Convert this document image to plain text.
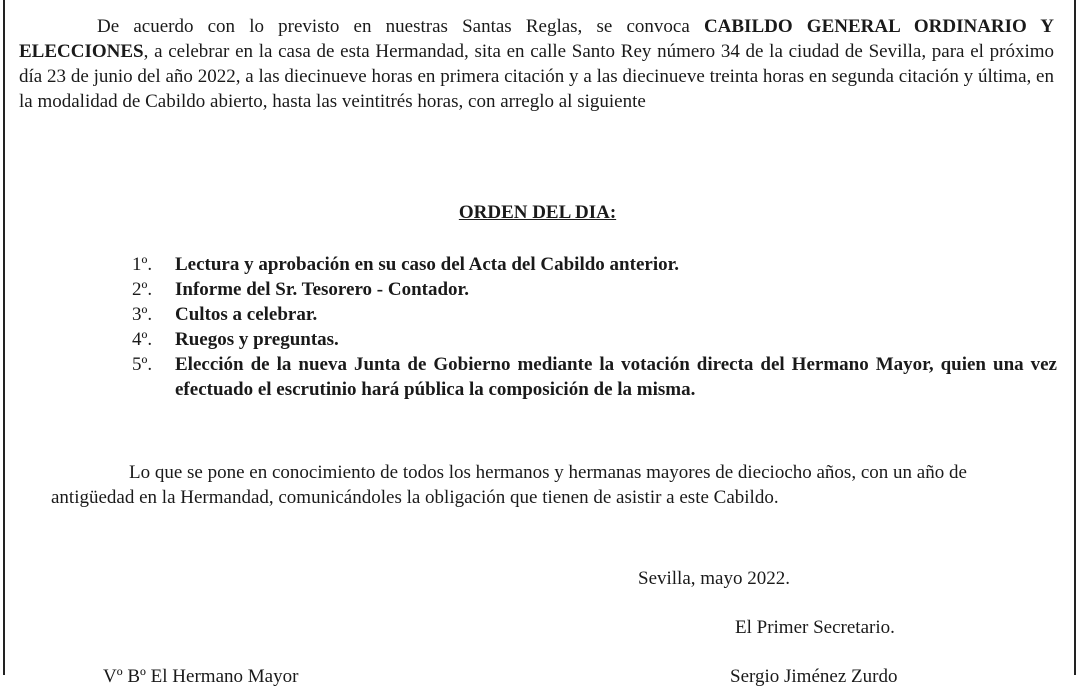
De acuerdo con lo previsto en nuestras Santas Reglas, se convoca CABILDO GENERAL ORDINARIO Y ELECCIONES, a celebrar en la casa de esta Hermandad, sita en calle Santo Rey número 34 de la ciudad de Sevilla, para el próximo día 23 de junio del año 2022, a las diecinueve horas en primera citación y a las diecinueve treinta horas en segunda citación y última, en la modalidad de Cabildo abierto, hasta las veintitrés horas, con arreglo al siguiente

ORDEN DEL DIA:

1º.	Lectura y aprobación en su caso del Acta del Cabildo anterior.
2º.	Informe del Sr. Tesorero - Contador.
3º.	Cultos a celebrar.
4º.	Ruegos y preguntas.
5º.	Elección de la nueva Junta de Gobierno mediante la votación directa del Hermano Mayor, quien una vez efectuado el escrutinio hará pública la composición de la misma.

Lo que se pone en conocimiento de todos los hermanos y hermanas mayores de dieciocho años, con un año de antigüedad en la Hermandad, comunicándoles la obligación que tienen de asistir a este Cabildo.

Sevilla, mayo 2022.

El Primer Secretario.

Vº Bº El Hermano Mayor	Sergio Jiménez Zurdo
